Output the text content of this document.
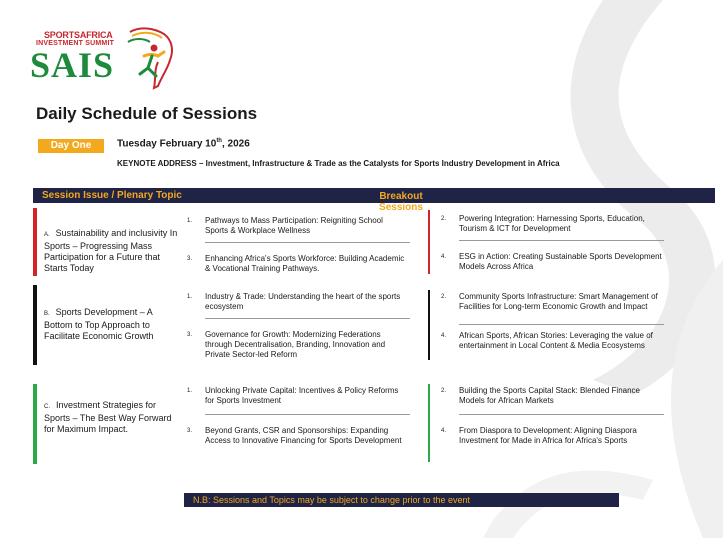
SPORTSAFRICA
INVESTMENT SUMMIT
SAIS
Daily Schedule of Sessions
Day One	Tuesday February 10th, 2026
KEYNOTE ADDRESS – Investment, Infrastructure & Trade as the Catalysts for Sports Industry Development in Africa
Session Issue / Plenary Topic	Breakout Sessions
A. Sustainability and inclusivity In Sports – Progressing Mass Participation for a Future that Starts Today
1. Pathways to Mass Participation: Reigniting School Sports & Workplace Wellness
3. Enhancing Africa's Sports Workforce: Building Academic & Vocational Training Pathways.
2. Powering Integration: Harnessing Sports, Education, Tourism & ICT for Development
4. ESG in Action: Creating Sustainable Sports Development Models Across Africa
B. Sports Development – A Bottom to Top Approach to Facilitate Economic Growth
1. Industry & Trade: Understanding the heart of the sports ecosystem
3. Governance for Growth: Modernizing Federations through Decentralisation, Branding, Innovation and Private Sector-led Reform
2. Community Sports Infrastructure: Smart Management of Facilities for Long-term Economic Growth and Impact
4. African Sports, African Stories: Leveraging the value of entertainment in Local Content & Media Ecosystems
C. Investment Strategies for Sports – The Best Way Forward for Maximum Impact.
1. Unlocking Private Capital: Incentives & Policy Reforms for Sports Investment
3. Beyond Grants, CSR and Sponsorships: Expanding Access to Innovative Financing for Sports Development
2. Building the Sports Capital Stack: Blended Finance Models for African Markets
4. From Diaspora to Development: Aligning Diaspora Investment for Made in Africa for Africa's Sports
N.B: Sessions and Topics may be subject to change prior to the event
